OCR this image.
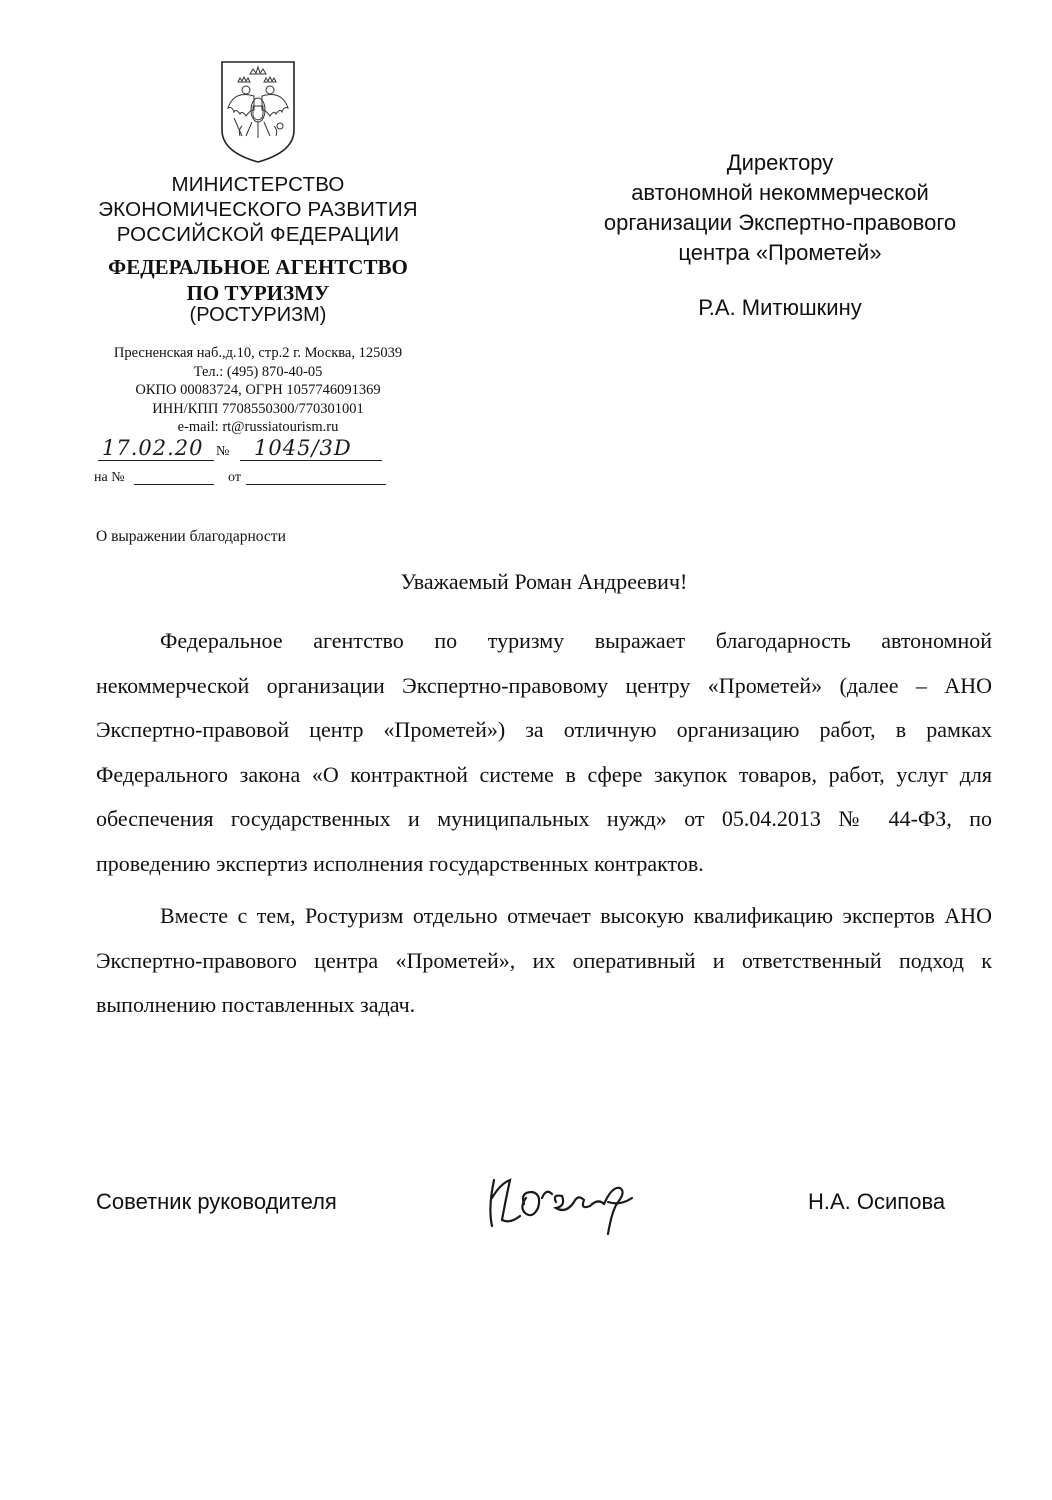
МИНИСТЕРСТВО
ЭКОНОМИЧЕСКОГО РАЗВИТИЯ
РОССИЙСКОЙ ФЕДЕРАЦИИ
ФЕДЕРАЛЬНОЕ АГЕНТСТВО
ПО ТУРИЗМУ
(РОСТУРИЗМ)
Пресненская наб.,д.10, стр.2 г. Москва, 125039
Тел.: (495) 870-40-05
ОКПО 00083724, ОГРН 1057746091369
ИНН/КПП 7708550300/770301001
e-mail: rt@russiatourism.ru
17.02.20 № 1045/3D
на №	от
О выражении благодарности
Директору
автономной некоммерческой
организации Экспертно-правового
центра «Прометей»
Р.А. Митюшкину
Уважаемый Роман Андреевич!

Федеральное агентство по туризму выражает благодарность автономной некоммерческой организации Экспертно-правовому центру «Прометей» (далее – АНО Экспертно-правовой центр «Прометей») за отличную организацию работ, в рамках Федерального закона «О контрактной системе в сфере закупок товаров, работ, услуг для обеспечения государственных и муниципальных нужд» от 05.04.2013 № 44-ФЗ, по проведению экспертиз исполнения государственных контрактов.

Вместе с тем, Ростуризм отдельно отмечает высокую квалификацию экспертов АНО Экспертно-правового центра «Прометей», их оперативный и ответственный подход к выполнению поставленных задач.

Советник руководителя	Н.А. Осипова
